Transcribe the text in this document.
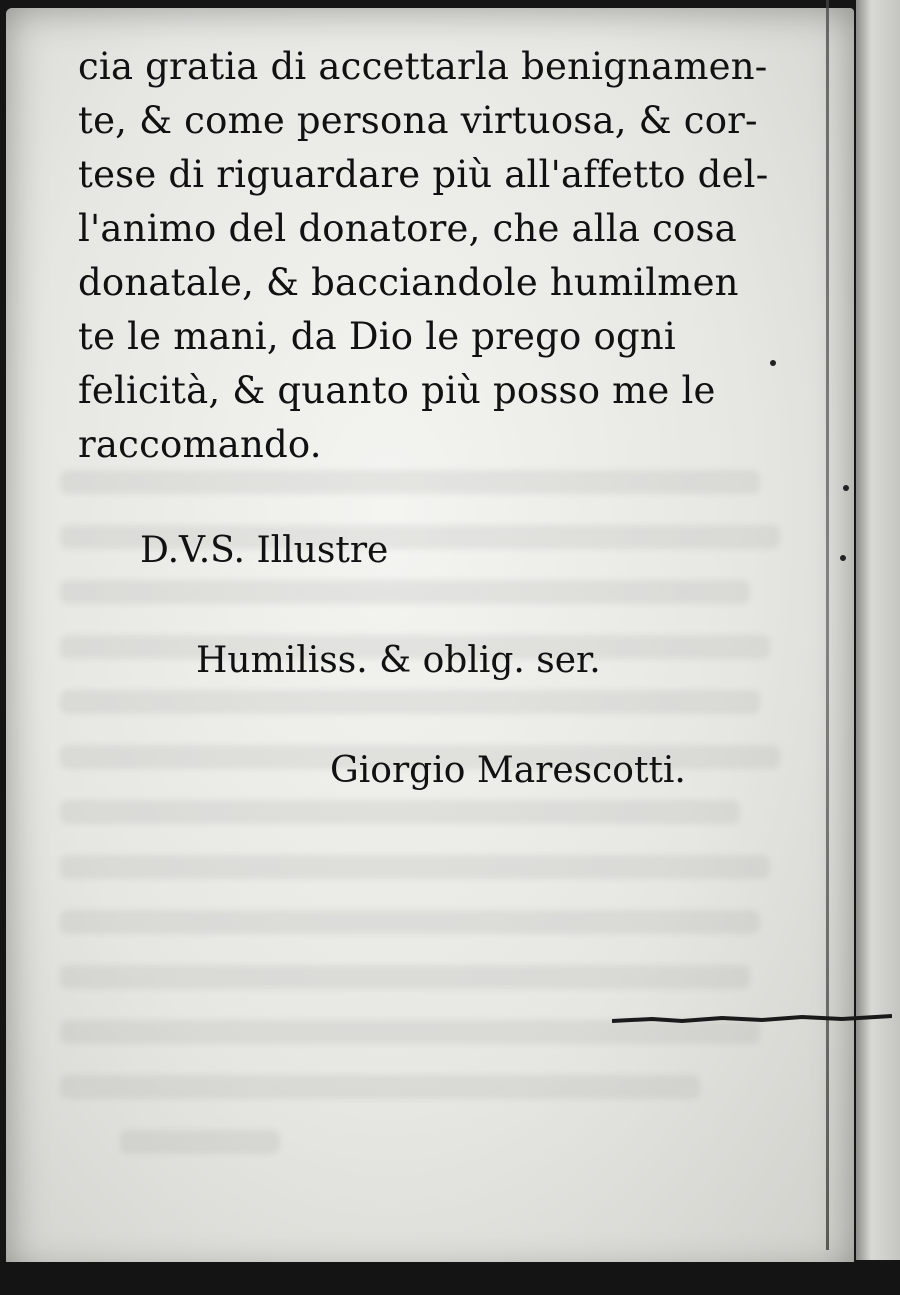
cia gratia di accettarla benignamen-
te, & come persona virtuosa, & cor-
tese di riguardare più all'affetto del-
l'animo del donatore, che alla cosa
donatale, & bacciandole humilmen
te le mani, da Dio le prego ogni
felicità, & quanto più posso me le
raccomando.
D.V.S. Illustre
Humiliss. & oblig. ser.
Giorgio Marescotti.
